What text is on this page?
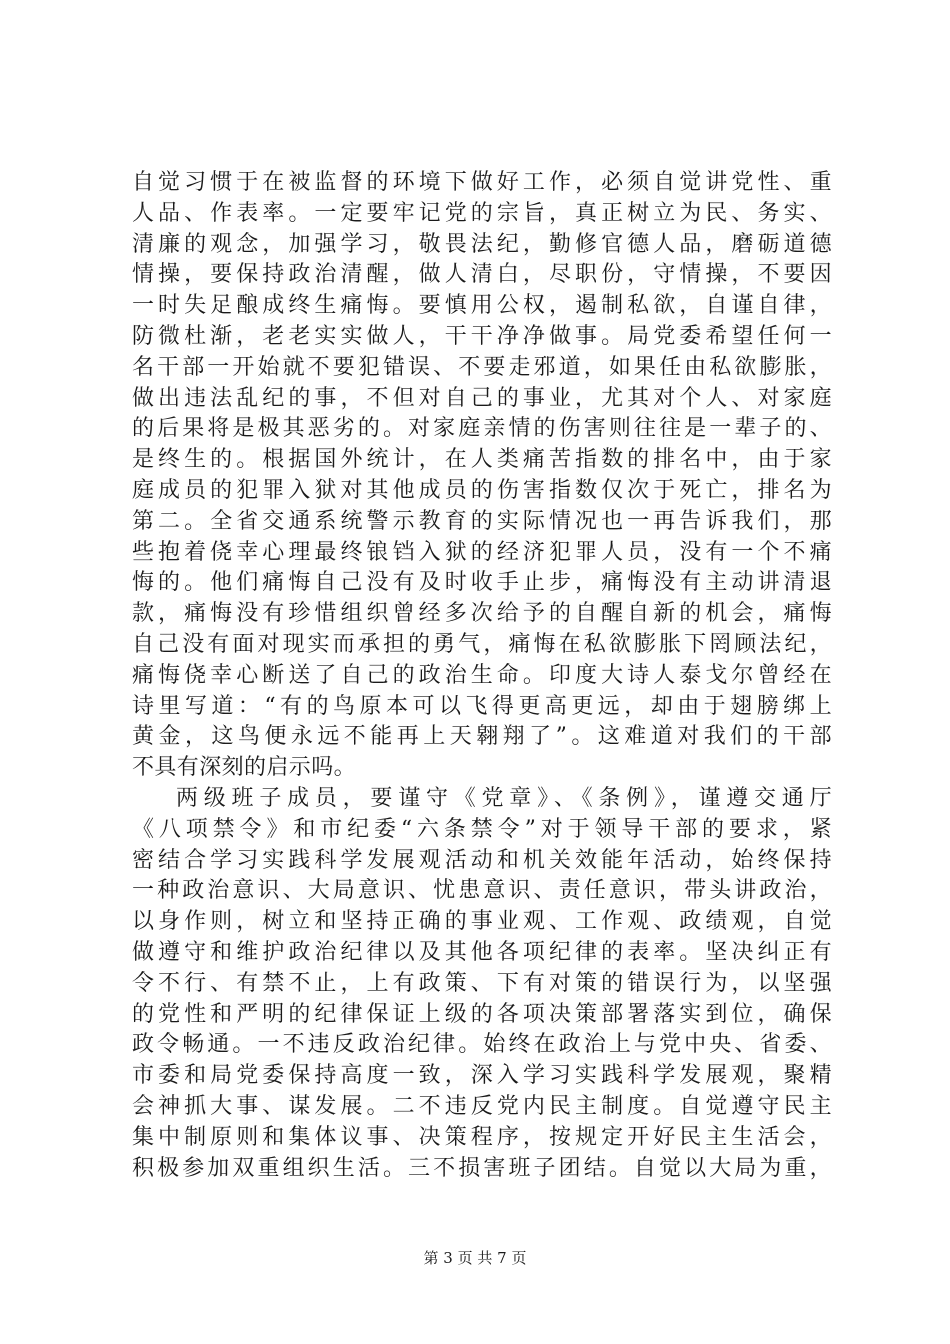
自觉习惯于在被监督的环境下做好工作，必须自觉讲党性、重
人品、作表率。一定要牢记党的宗旨，真正树立为民、务实、
清廉的观念，加强学习，敬畏法纪，勤修官德人品，磨砺道德
情操，要保持政治清醒，做人清白，尽职份，守情操，不要因
一时失足酿成终生痛悔。要慎用公权，遏制私欲，自谨自律，
防微杜渐，老老实实做人，干干净净做事。局党委希望任何一
名干部一开始就不要犯错误、不要走邪道，如果任由私欲膨胀，
做出违法乱纪的事，不但对自己的事业，尤其对个人、对家庭
的后果将是极其恶劣的。对家庭亲情的伤害则往往是一辈子的、
是终生的。根据国外统计，在人类痛苦指数的排名中，由于家
庭成员的犯罪入狱对其他成员的伤害指数仅次于死亡，排名为
第二。全省交通系统警示教育的实际情况也一再告诉我们，那
些抱着侥幸心理最终锒铛入狱的经济犯罪人员，没有一个不痛
悔的。他们痛悔自己没有及时收手止步，痛悔没有主动讲清退
款，痛悔没有珍惜组织曾经多次给予的自醒自新的机会，痛悔
自己没有面对现实而承担的勇气，痛悔在私欲膨胀下罔顾法纪，
痛悔侥幸心断送了自己的政治生命。印度大诗人泰戈尔曾经在
诗里写道：“有的鸟原本可以飞得更高更远，却由于翅膀绑上
黄金，这鸟便永远不能再上天翱翔了”。这难道对我们的干部
不具有深刻的启示吗。
两级班子成员，要谨守《党章》、《条例》，谨遵交通厅
《八项禁令》和市纪委“六条禁令”对于领导干部的要求，紧
密结合学习实践科学发展观活动和机关效能年活动，始终保持
一种政治意识、大局意识、忧患意识、责任意识，带头讲政治，
以身作则，树立和坚持正确的事业观、工作观、政绩观，自觉
做遵守和维护政治纪律以及其他各项纪律的表率。坚决纠正有
令不行、有禁不止，上有政策、下有对策的错误行为，以坚强
的党性和严明的纪律保证上级的各项决策部署落实到位，确保
政令畅通。一不违反政治纪律。始终在政治上与党中央、省委、
市委和局党委保持高度一致，深入学习实践科学发展观，聚精
会神抓大事、谋发展。二不违反党内民主制度。自觉遵守民主
集中制原则和集体议事、决策程序，按规定开好民主生活会，
积极参加双重组织生活。三不损害班子团结。自觉以大局为重，
第 3 页 共 7 页
